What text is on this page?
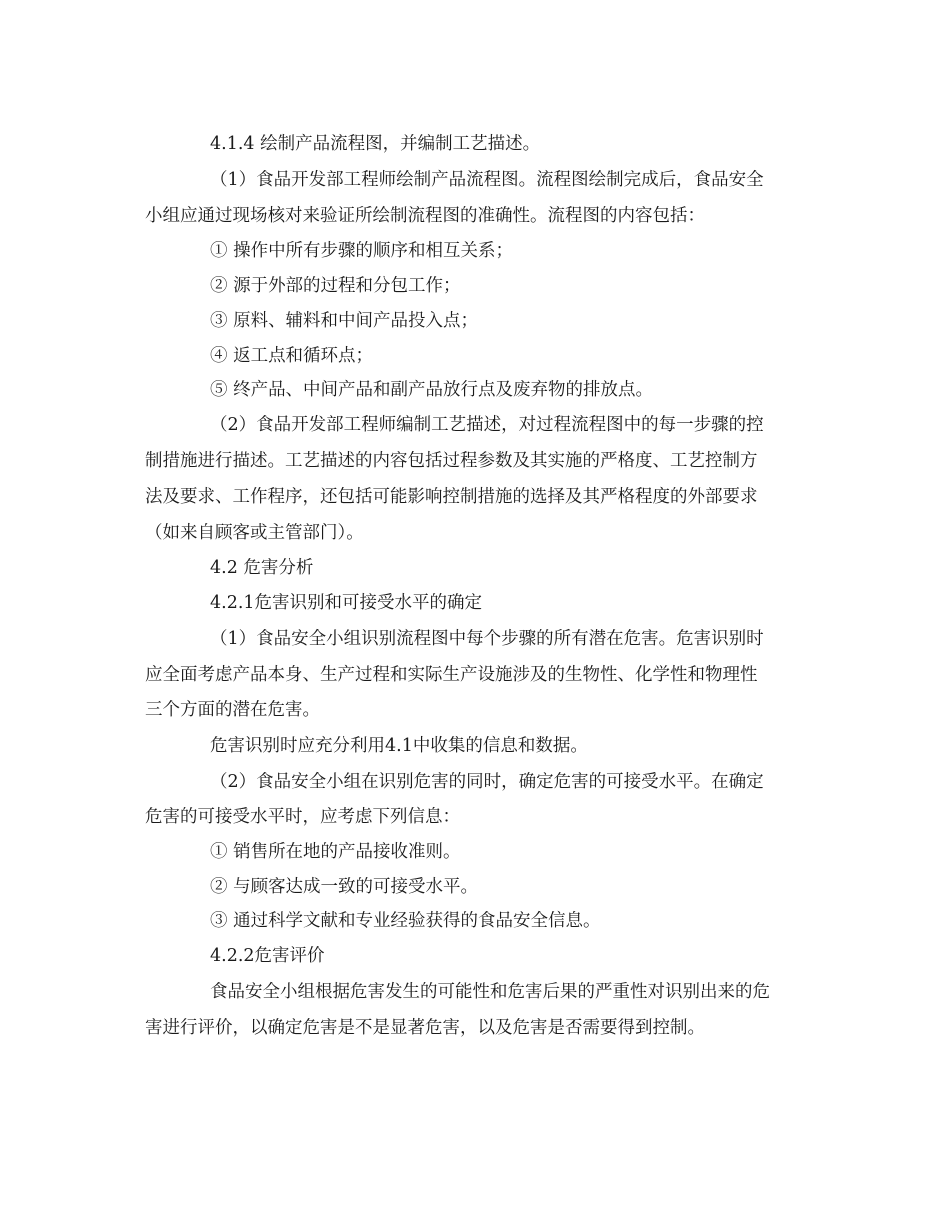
4.1.4 绘制产品流程图，并编制工艺描述。
（1）食品开发部工程师绘制产品流程图。流程图绘制完成后，食品安全
小组应通过现场核对来验证所绘制流程图的准确性。流程图的内容包括：
① 操作中所有步骤的顺序和相互关系；
② 源于外部的过程和分包工作；
③ 原料、辅料和中间产品投入点；
④ 返工点和循环点；
⑤ 终产品、中间产品和副产品放行点及废弃物的排放点。
（2）食品开发部工程师编制工艺描述，对过程流程图中的每一步骤的控
制措施进行描述。工艺描述的内容包括过程参数及其实施的严格度、工艺控制方
法及要求、工作程序，还包括可能影响控制措施的选择及其严格程度的外部要求
（如来自顾客或主管部门）。
4.2 危害分析
4.2.1危害识别和可接受水平的确定
（1）食品安全小组识别流程图中每个步骤的所有潜在危害。危害识别时
应全面考虑产品本身、生产过程和实际生产设施涉及的生物性、化学性和物理性
三个方面的潜在危害。
危害识别时应充分利用4.1中收集的信息和数据。
（2）食品安全小组在识别危害的同时，确定危害的可接受水平。在确定
危害的可接受水平时，应考虑下列信息：
① 销售所在地的产品接收准则。
② 与顾客达成一致的可接受水平。
③ 通过科学文献和专业经验获得的食品安全信息。
4.2.2危害评价
食品安全小组根据危害发生的可能性和危害后果的严重性对识别出来的危
害进行评价，以确定危害是不是显著危害，以及危害是否需要得到控制。
